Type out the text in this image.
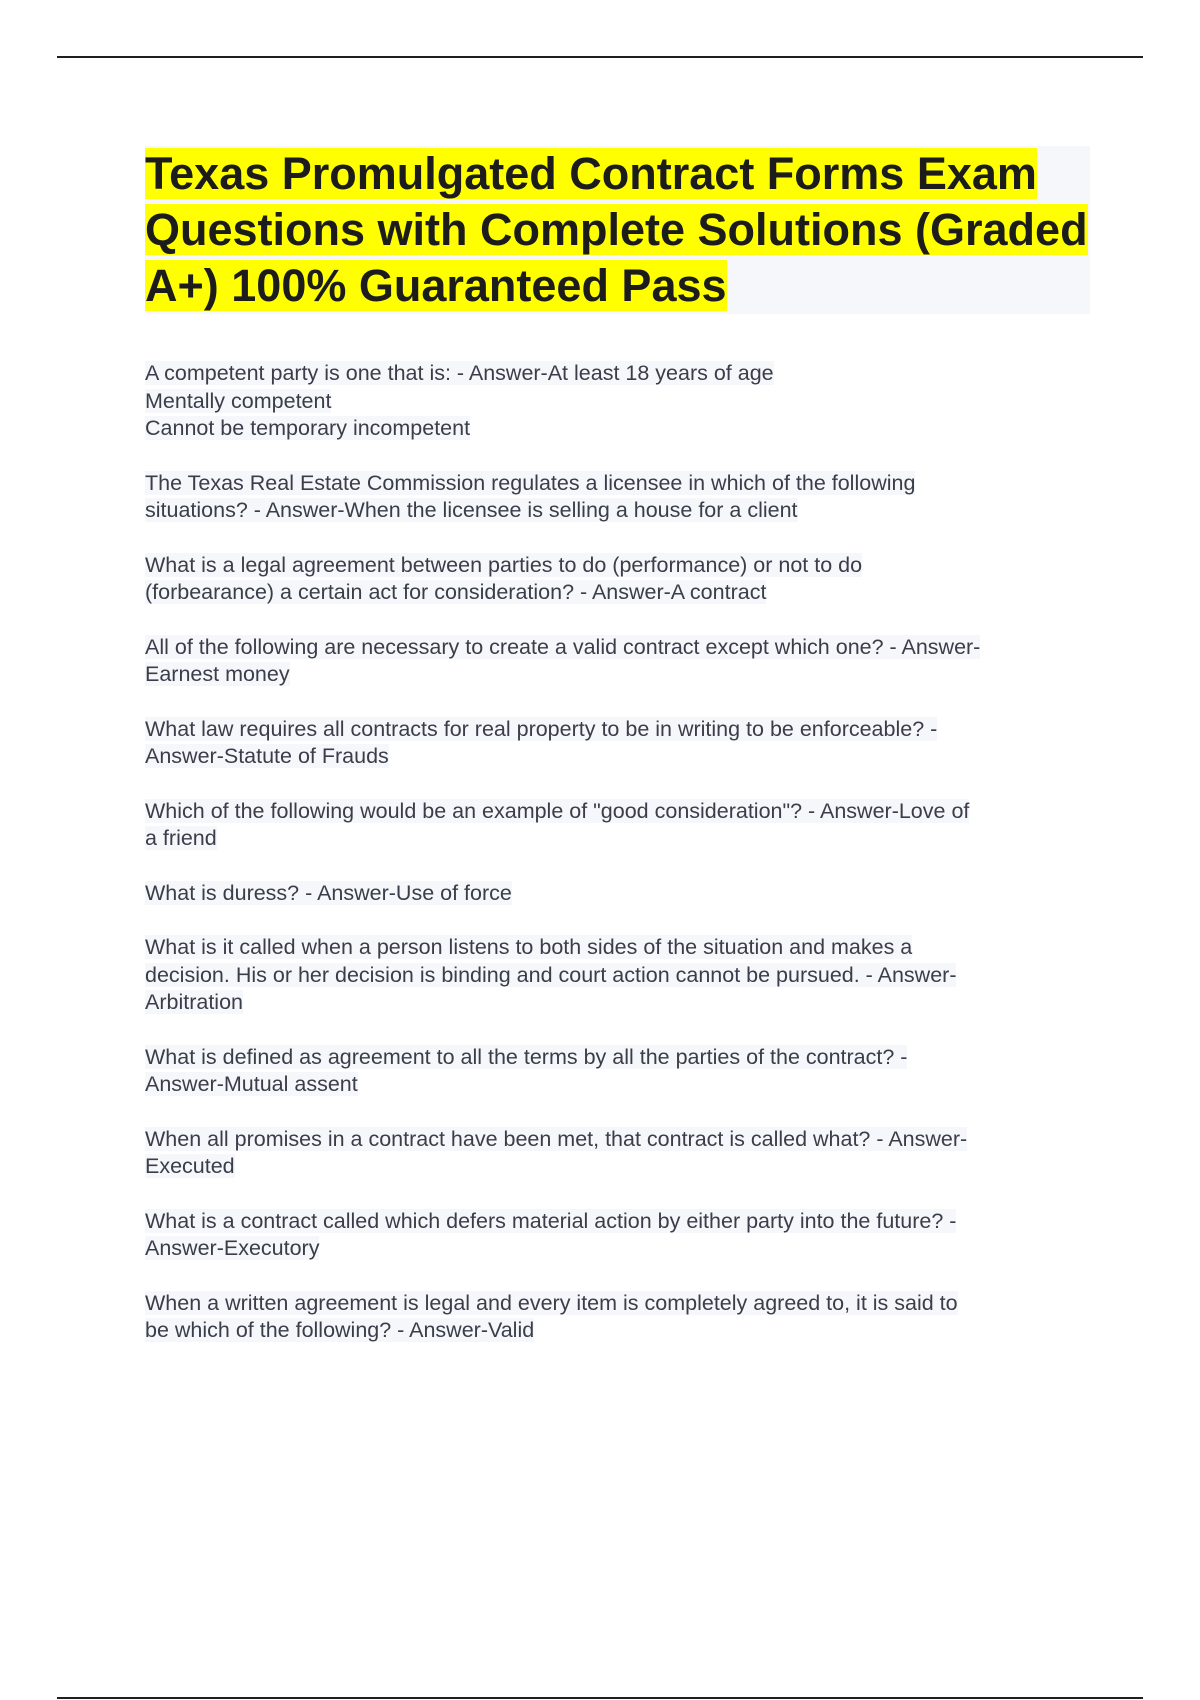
Texas Promulgated Contract Forms Exam Questions with Complete Solutions (Graded A+) 100% Guaranteed Pass

A competent party is one that is: - Answer-At least 18 years of age
Mentally competent
Cannot be temporary incompetent

The Texas Real Estate Commission regulates a licensee in which of the following
situations? - Answer-When the licensee is selling a house for a client

What is a legal agreement between parties to do (performance) or not to do
(forbearance) a certain act for consideration? - Answer-A contract

All of the following are necessary to create a valid contract except which one? - Answer-
Earnest money

What law requires all contracts for real property to be in writing to be enforceable? -
Answer-Statute of Frauds

Which of the following would be an example of "good consideration"? - Answer-Love of
a friend

What is duress? - Answer-Use of force

What is it called when a person listens to both sides of the situation and makes a
decision. His or her decision is binding and court action cannot be pursued. - Answer-
Arbitration

What is defined as agreement to all the terms by all the parties of the contract? -
Answer-Mutual assent

When all promises in a contract have been met, that contract is called what? - Answer-
Executed

What is a contract called which defers material action by either party into the future? -
Answer-Executory

When a written agreement is legal and every item is completely agreed to, it is said to
be which of the following? - Answer-Valid
